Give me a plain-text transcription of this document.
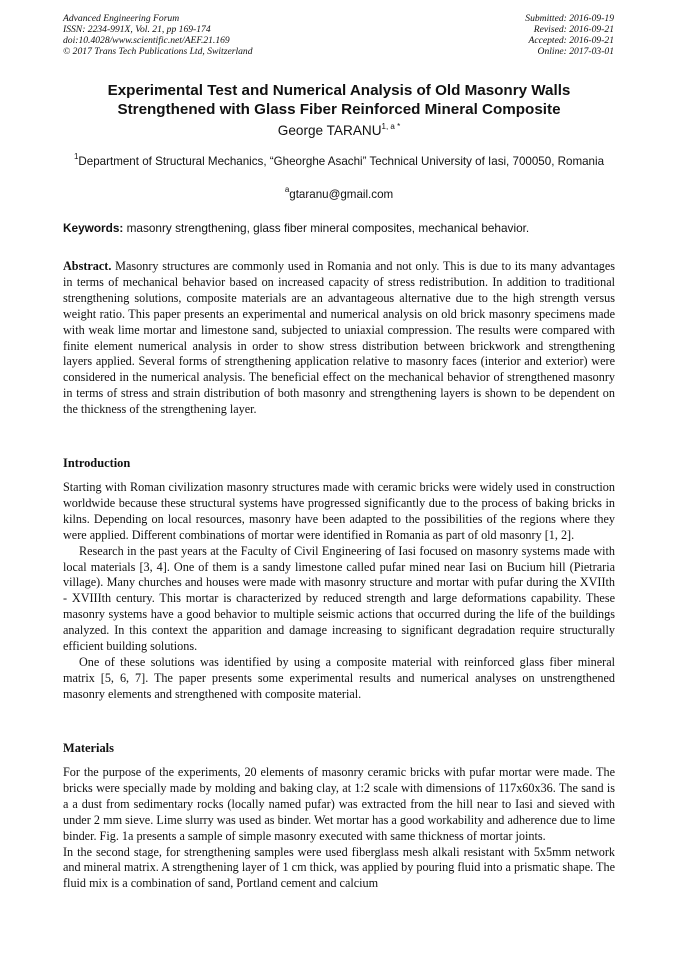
Advanced Engineering Forum
ISSN: 2234-991X, Vol. 21, pp 169-174
doi:10.4028/www.scientific.net/AEF.21.169
© 2017 Trans Tech Publications Ltd, Switzerland
Submitted: 2016-09-19
Revised: 2016-09-21
Accepted: 2016-09-21
Online: 2017-03-01
Experimental Test and Numerical Analysis of Old Masonry Walls
Strengthened with Glass Fiber Reinforced Mineral Composite
George $TARANU^{1, a *}$
$^1$Department of Structural Mechanics, “Gheorghe Asachi” Technical University of Iasi, 700050, Romania
$^a$gtaranu@gmail.com
Keywords: masonry strengthening, glass fiber mineral composites, mechanical behavior.

Abstract. Masonry structures are commonly used in Romania and not only. This is due to its many advantages in terms of mechanical behavior based on increased capacity of stress redistribution. In addition to traditional strengthening solutions, composite materials are an advantageous alternative due to the high strength versus weight ratio. This paper presents an experimental and numerical analysis on old brick masonry specimens made with weak lime mortar and limestone sand, subjected to uniaxial compression. The results were compared with finite element numerical analysis in order to show stress distribution between brickwork and strengthening layers applied. Several forms of strengthening application relative to masonry faces (interior and exterior) were considered in the numerical analysis. The beneficial effect on the mechanical behavior of strengthened masonry in terms of stress and strain distribution of both masonry and strengthening layers is shown to be dependent on the thickness of the strengthening layer.

Introduction

Starting with Roman civilization masonry structures made with ceramic bricks were widely used in construction worldwide because these structural systems have progressed significantly due to the process of baking bricks in kilns. Depending on local resources, masonry have been adapted to the possibilities of the regions where they were applied. Different combinations of mortar were identified in Romania as part of old masonry [1, 2].

Research in the past years at the Faculty of Civil Engineering of Iasi focused on masonry systems made with local materials [3, 4]. One of them is a sandy limestone called pufar mined near Iasi on Bucium hill (Pietraria village). Many churches and houses were made with masonry structure and mortar with pufar during the XVIIth - XVIIIth century. This mortar is characterized by reduced strength and large deformations capability. These masonry systems have a good behavior to multiple seismic actions that occurred during the life of the buildings analyzed. In this context the apparition and damage increasing to significant degradation require structurally efficient building solutions.

One of these solutions was identified by using a composite material with reinforced glass fiber mineral matrix [5, 6, 7]. The paper presents some experimental results and numerical analyses on unstrengthened masonry elements and strengthened with composite material.

Materials

For the purpose of the experiments, 20 elements of masonry ceramic bricks with pufar mortar were made. The bricks were specially made by molding and baking clay, at 1:2 scale with dimensions of 117x60x36. The sand is a a dust from sedimentary rocks (locally named pufar) was extracted from the hill near to Iasi and sieved with under 2 mm sieve. Lime slurry was used as binder. Wet mortar has a good workability and adherence due to lime binder. Fig. 1a presents a sample of simple masonry executed with same thickness of mortar joints.

In the second stage, for strengthening samples were used fiberglass mesh alkali resistant with 5x5mm network and mineral matrix. A strengthening layer of 1 cm thick, was applied by pouring fluid into a prismatic shape. The fluid mix is a combination of sand, Portland cement and calcium
